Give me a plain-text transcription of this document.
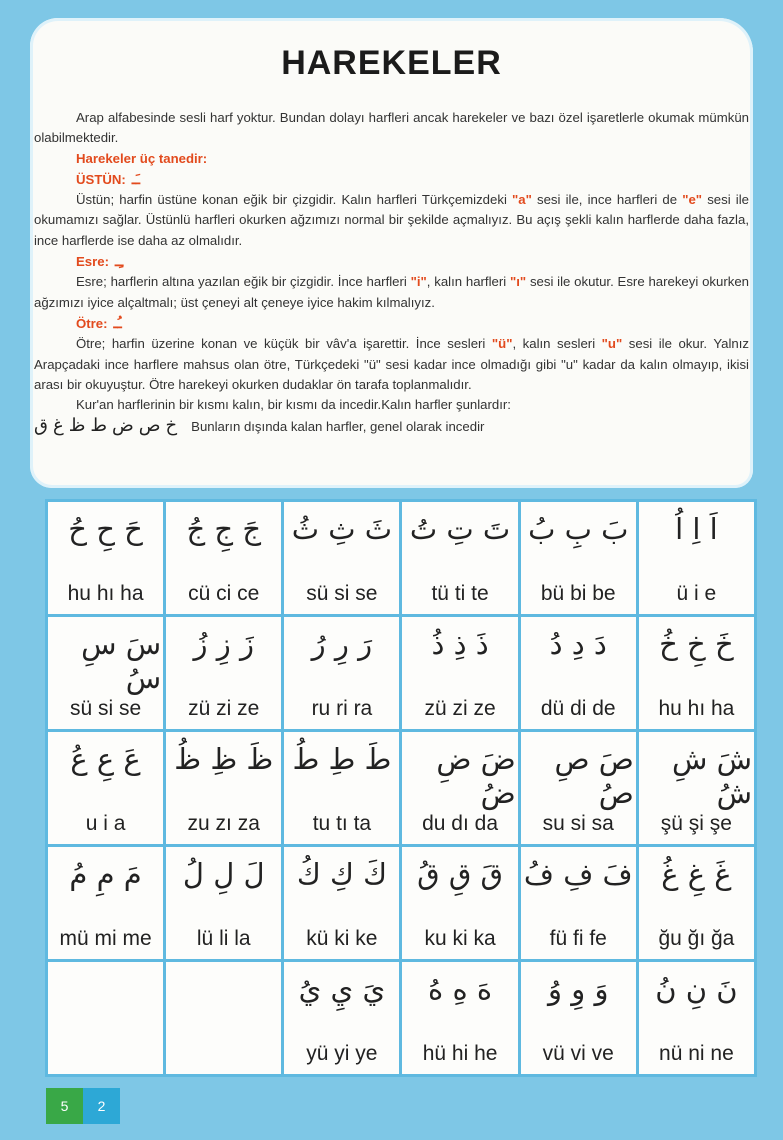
HAREKELER

Arap alfabesinde sesli harf yoktur. Bundan dolayı harfleri ancak harekeler ve bazı özel işaretlerle okumak mümkün olabilmektedir.

Harekeler üç tanedir:

ÜSTÜN: ـَـ

Üstün; harfin üstüne konan eğik bir çizgidir. Kalın harfleri Türkçemizdeki "a" sesi ile, ince harfleri de "e" sesi ile okumamızı sağlar. Üstünlü harfleri okurken ağzımızı normal bir şekilde açmalıyız. Bu açış şekli kalın harflerde daha fazla, ince harflerde ise daha az olmalıdır.

Esre: ـِـ

Esre; harflerin altına yazılan eğik bir çizgidir. İnce harfleri "i", kalın harfleri "ı" sesi ile okutur. Esre harekeyi okurken ağzımızı iyice alçaltmalı; üst çeneyi alt çeneye iyice hakim kılmalıyız.

Ötre: ـُـ

Ötre; harfin üzerine konan ve küçük bir vâv'a işarettir. İnce sesleri "ü", kalın sesleri "u" sesi ile okur. Yalnız Arapçadaki ince harflere mahsus olan ötre, Türkçedeki "ü" sesi kadar ince olmadığı gibi "u" kadar da kalın olmayıp, ikisi arası bir okuyuştur. Ötre harekeyi okurken dudaklar ön tarafa toplanmalıdır.

Kur'an harflerinin bir kısmı kalın, bir kısmı da incedir.Kalın harfler şunlardır:

خ ص ض ط ظ غ ق Bunların dışında kalan harfler, genel olarak incedir

حَ حِ حُ
hu hı ha
جَ جِ جُ
cü ci ce
ثَ ثِ ثُ
sü si se
تَ تِ تُ
tü ti te
بَ بِ بُ
bü bi be
اَ اِ اُ
ü i e
سَ سِ سُ
sü si se
زَ زِ زُ
zü zi ze
رَ رِ رُ
ru ri ra
ذَ ذِ ذُ
zü zi ze
دَ دِ دُ
dü di de
خَ خِ خُ
hu hı ha
عَ عِ عُ
u i a
ظَ ظِ ظُ
zu zı za
طَ طِ طُ
tu tı ta
ضَ ضِ ضُ
du dı da
صَ صِ صُ
su si sa
شَ شِ شُ
şü şi şe
مَ مِ مُ
mü mi me
لَ لِ لُ
lü li la
كَ كِ كُ
kü ki ke
قَ قِ قُ
ku ki ka
فَ فِ فُ
fü fi fe
غَ غِ غُ
ğu ğı ğa
يَ يِ يُ
yü yi ye
هَ هِ هُ
hü hi he
وَ وِ وُ
vü vi ve
نَ نِ نُ
nü ni ne
5	2
